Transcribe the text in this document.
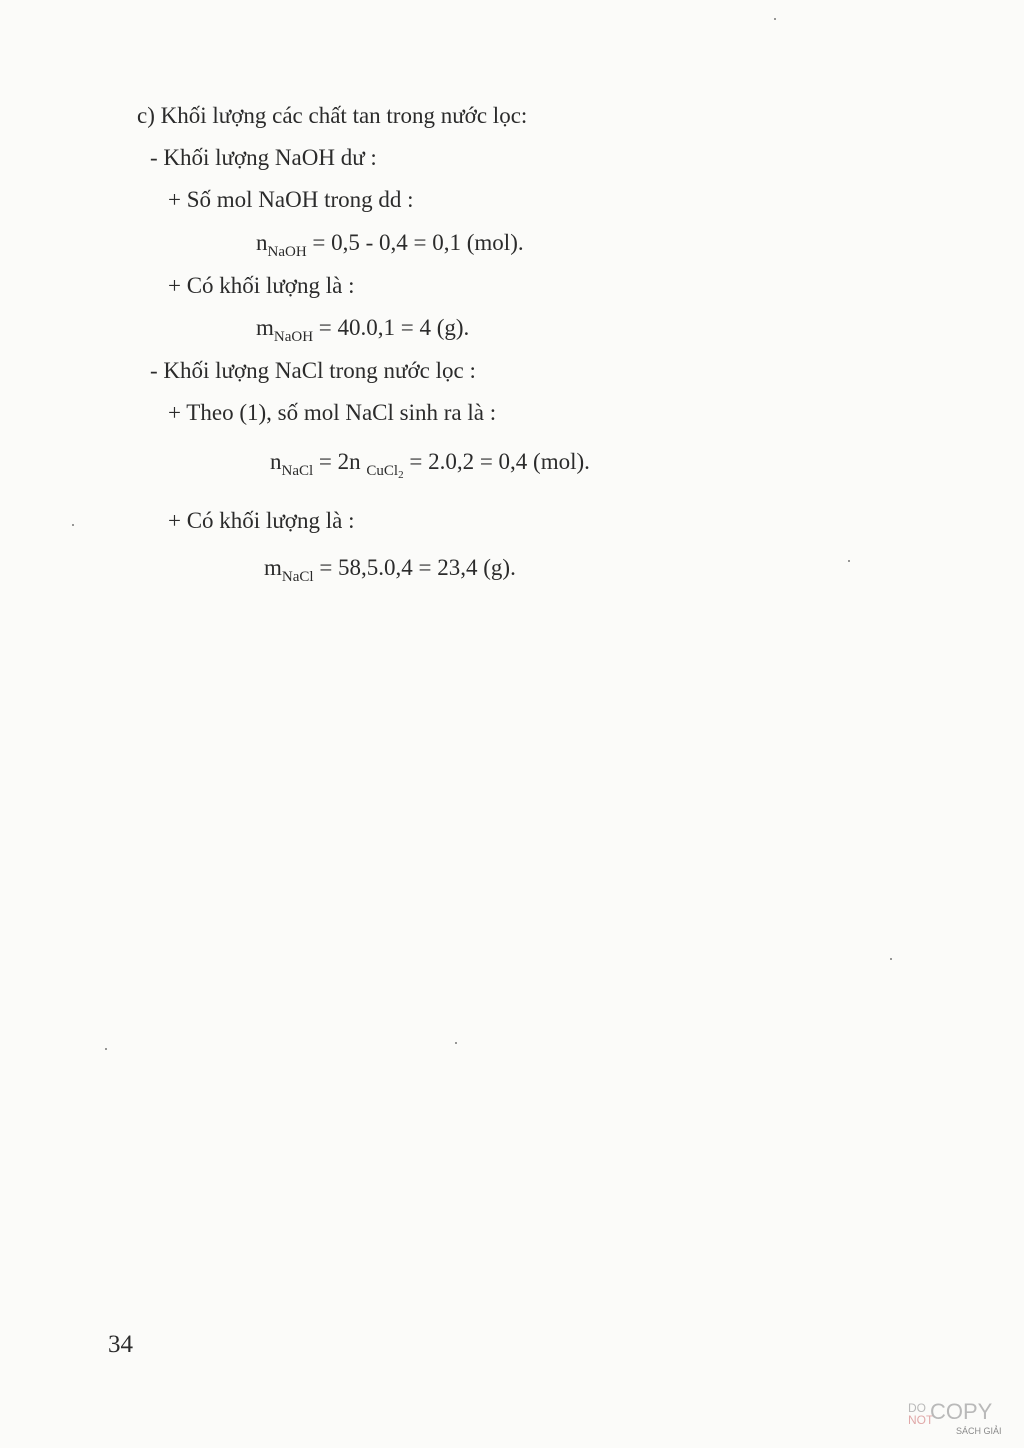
c) Khối lượng các chất tan trong nước lọc:
- Khối lượng NaOH dư :
+ Số mol NaOH trong dd :
$n_{NaOH} = 0,5 - 0,4 = 0,1$ (mol).
+ Có khối lượng là :
$m_{NaOH} = 40.0,1 = 4$ (g).
- Khối lượng NaCl trong nước lọc :
+ Theo (1), số mol NaCl sinh ra là :
$n_{NaCl} = 2n$ $_{CuCl2}$ = 2.0,2 = 0,4 (mol).
+ Có khối lượng là :
$m_{NaCl} = 58,5.0,4 = 23,4$ (g).
34
DO
NOT
COPY
SÁCH GIẢI
